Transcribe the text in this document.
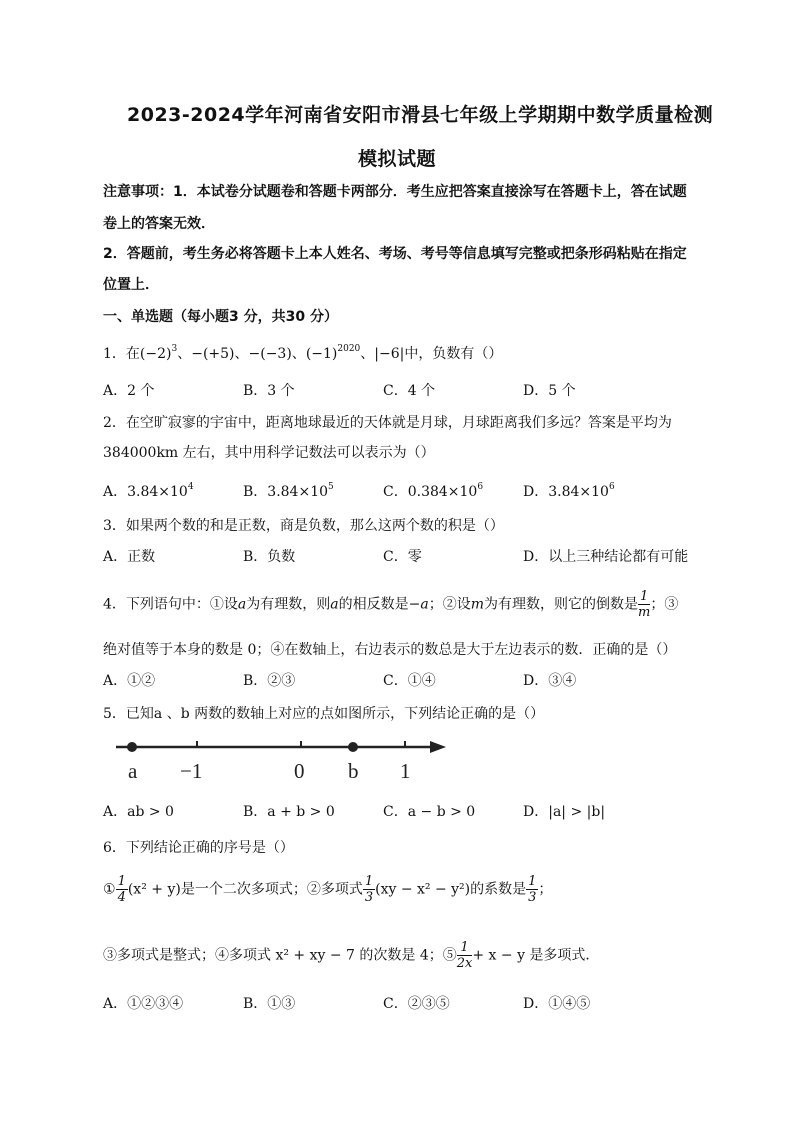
2023-2024学年河南省安阳市滑县七年级上学期期中数学质量检测
模拟试题
注意事项：1．本试卷分试题卷和答题卡两部分．考生应把答案直接涂写在答题卡上，答在试题
卷上的答案无效．
2．答题前，考生务必将答题卡上本人姓名、考场、考号等信息填写完整或把条形码粘贴在指定
位置上．
一、单选题（每小题3 分，共30 分）
1．在$(-2)^3$、−(+5)、−(−3)、$(-1)^{2020}$、|−6|中，负数有（）
A．2 个	B．3 个	C．4 个	D．5 个
2．在空旷寂寥的宇宙中，距离地球最近的天体就是月球，月球距离我们多远？答案是平均为
384000km 左右，其中用科学记数法可以表示为（）
A．$3.84\times 10^4$	B．$3.84\times 10^5$	C．$0.384\times 10^6$	D．$3.84\times 10^6$
3．如果两个数的和是正数，商是负数，那么这两个数的积是（）
A．正数	B．负数	C．零	D．以上三种结论都有可能
4．下列语句中：①设a为有理数，则a的相反数是−a；②设m为有理数，则它的倒数是 $\frac{1}{m}$ ；③
绝对值等于本身的数是 0；④在数轴上，右边表示的数总是大于左边表示的数．正确的是（）
A．①②	B．②③	C．①④	D．③④
5．已知a 、b 两数的数轴上对应的点如图所示，下列结论正确的是（）
a −1	0 b 1
A．ab > 0	B．a + b > 0	C．a − b > 0	D．|a| > |b|
6．下列结论正确的序号是（）
① $\frac{1}{4} (x^2 + y)$是一个二次多项式；②多项式 $\frac{1}{3} (xy - x^2 - y^2)$的系数是 $\frac{1}{3}$ ；
③多项式是整式；④多项式 x² + xy − 7 的次数是 4；⑤ $\frac{1}{2x} + x - y$ 是多项式．
A．①②③④	B．①③	C．②③⑤	D．①④⑤
